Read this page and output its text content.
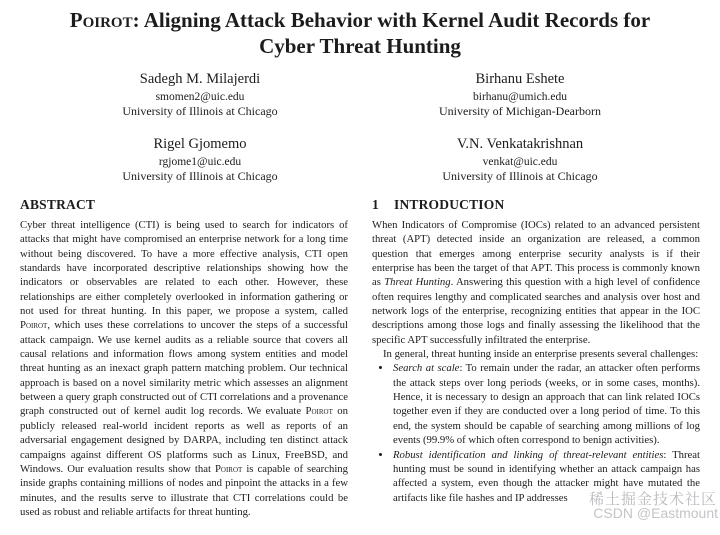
Poirot: Aligning Attack Behavior with Kernel Audit Records for
Cyber Threat Hunting
Sadegh M. Milajerdi
smomen2@uic.edu
University of Illinois at Chicago
Birhanu Eshete
birhanu@umich.edu
University of Michigan-Dearborn
Rigel Gjomemo
rgjome1@uic.edu
University of Illinois at Chicago
V.N. Venkatakrishnan
venkat@uic.edu
University of Illinois at Chicago
ABSTRACT

Cyber threat intelligence (CTI) is being used to search for indicators of attacks that might have compromised an enterprise network for a long time without being discovered. To have a more effective analysis, CTI open standards have incorporated descriptive relationships showing how the indicators or observables are related to each other. However, these relationships are either completely overlooked in information gathering or not used for threat hunting. In this paper, we propose a system, called Poirot, which uses these correlations to uncover the steps of a successful attack campaign. We use kernel audits as a reliable source that covers all causal relations and information flows among system entities and model threat hunting as an inexact graph pattern matching problem. Our technical approach is based on a novel similarity metric which assesses an alignment between a query graph constructed out of CTI correlations and a provenance graph constructed out of kernel audit log records. We evaluate Poirot on publicly released real-world incident reports as well as reports of an adversarial engagement designed by DARPA, including ten distinct attack campaigns against different OS platforms such as Linux, FreeBSD, and Windows. Our evaluation results show that Poirot is capable of searching inside graphs containing millions of nodes and pinpoint the attacks in a few minutes, and the results serve to illustrate that CTI correlations could be used as robust and reliable artifacts for threat hunting.

1 INTRODUCTION

When Indicators of Compromise (IOCs) related to an advanced persistent threat (APT) detected inside an organization are released, a common question that emerges among enterprise security analysts is if their enterprise has been the target of that APT. This process is commonly known as Threat Hunting. Answering this question with a high level of confidence often requires lengthy and complicated searches and analysis over host and network logs of the enterprise, recognizing entities that appear in the IOC descriptions among those logs and finally assessing the likelihood that the specific APT successfully infiltrated the enterprise.

In general, threat hunting inside an enterprise presents several challenges:

• Search at scale: To remain under the radar, an attacker often performs the attack steps over long periods (weeks, or in some cases, months). Hence, it is necessary to design an approach that can link related IOCs together even if they are conducted over a long period of time. To this end, the system should be capable of searching among millions of log events (99.9% of which often correspond to benign activities).
• Robust identification and linking of threat-relevant entities: Threat hunting must be sound in identifying whether an attack campaign has affected a system, even though the attacker might have mutated the artifacts like file hashes and IP addresses	稀土掘金技术社区
CSDN @Eastmount
